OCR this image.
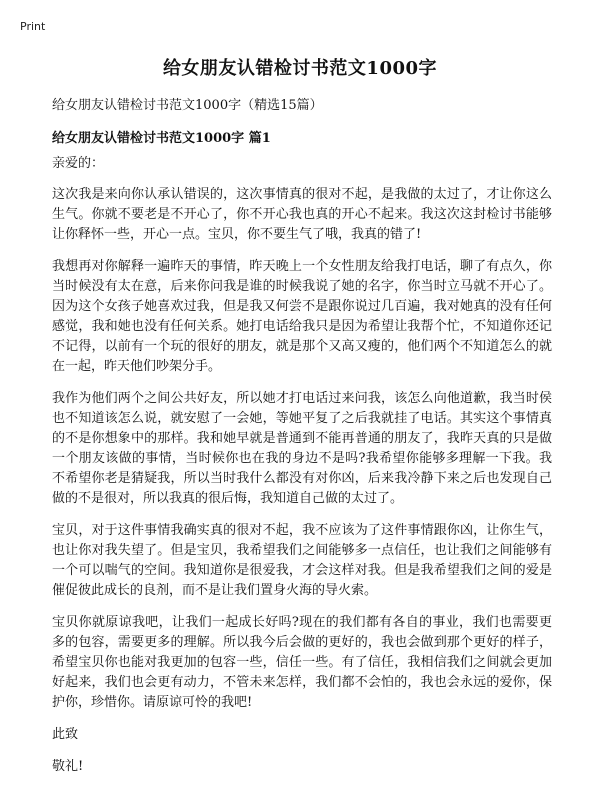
Print
给女朋友认错检讨书范文1000字
给女朋友认错检讨书范文1000字（精选15篇）
给女朋友认错检讨书范文1000字 篇1

亲爱的：

这次我是来向你认承认错误的，这次事情真的很对不起，是我做的太过了，才让你这么生气。你就不要老是不开心了，你不开心我也真的开心不起来。我这次这封检讨书能够让你释怀一些，开心一点。宝贝，你不要生气了哦，我真的错了!

我想再对你解释一遍昨天的事情，昨天晚上一个女性朋友给我打电话，聊了有点久，你当时候没有太在意，后来你问我是谁的时候我说了她的名字，你当时立马就不开心了。因为这个女孩子她喜欢过我，但是我又何尝不是跟你说过几百遍，我对她真的没有任何感觉，我和她也没有任何关系。她打电话给我只是因为希望让我帮个忙，不知道你还记不记得，以前有一个玩的很好的朋友，就是那个又高又瘦的，他们两个不知道怎么的就在一起，昨天他们吵架分手。

我作为他们两个之间公共好友，所以她才打电话过来问我，该怎么向他道歉，我当时侯也不知道该怎么说，就安慰了一会她，等她平复了之后我就挂了电话。其实这个事情真的不是你想象中的那样。我和她早就是普通到不能再普通的朋友了，我昨天真的只是做一个朋友该做的事情，当时候你也在我的身边不是吗?我希望你能够多理解一下我。我不希望你老是猜疑我，所以当时我什么都没有对你凶，后来我冷静下来之后也发现自己做的不是很对，所以我真的很后悔，我知道自己做的太过了。

宝贝，对于这件事情我确实真的很对不起，我不应该为了这件事情跟你凶，让你生气，也让你对我失望了。但是宝贝，我希望我们之间能够多一点信任，也让我们之间能够有一个可以喘气的空间。我知道你是很爱我，才会这样对我。但是我希望我们之间的爱是催促彼此成长的良剂，而不是让我们置身火海的导火索。

宝贝你就原谅我吧，让我们一起成长好吗?现在的我们都有各自的事业，我们也需要更多的包容，需要更多的理解。所以我今后会做的更好的，我也会做到那个更好的样子，希望宝贝你也能对我更加的包容一些，信任一些。有了信任，我相信我们之间就会更加好起来，我们也会更有动力，不管未来怎样，我们都不会怕的，我也会永远的爱你，保护你，珍惜你。请原谅可怜的我吧!

此致

敬礼!
